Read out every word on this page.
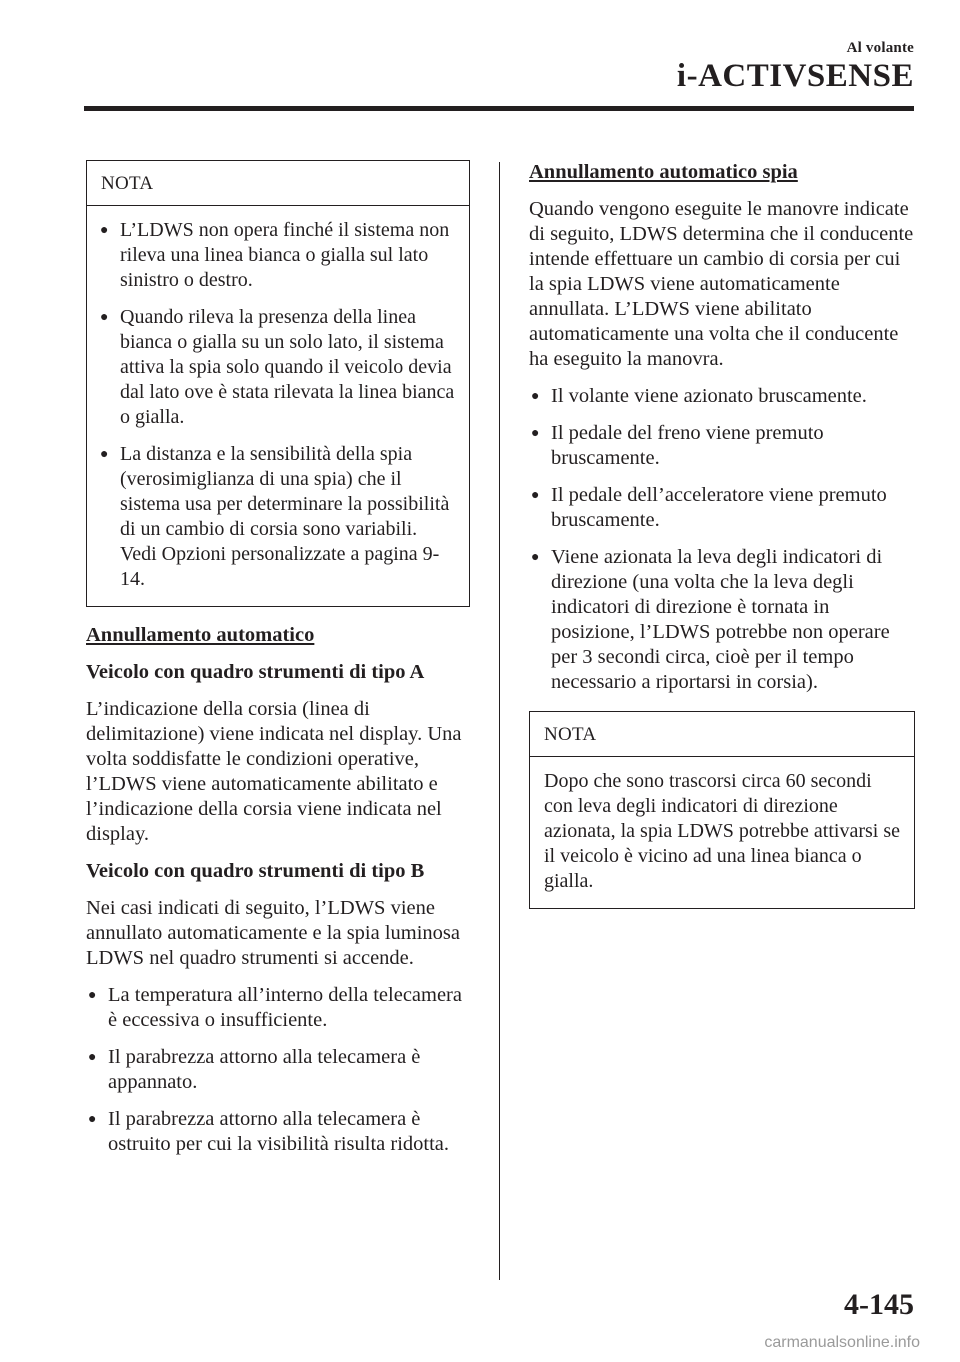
Al volante
i-ACTIVSENSE
NOTA
● L’LDWS non opera finché il sistema non rileva una linea bianca o gialla sul lato sinistro o destro.
● Quando rileva la presenza della linea bianca o gialla su un solo lato, il sistema attiva la spia solo quando il veicolo devia dal lato ove è stata rilevata la linea bianca o gialla.
● La distanza e la sensibilità della spia (verosimiglianza di una spia) che il sistema usa per determinare la possibilità di un cambio di corsia sono variabili.
Vedi Opzioni personalizzate a pagina 9-14.
Annullamento automatico
Veicolo con quadro strumenti di tipo A
L’indicazione della corsia (linea di delimitazione) viene indicata nel display. Una volta soddisfatte le condizioni operative, l’LDWS viene automaticamente abilitato e l’indicazione della corsia viene indicata nel display.
Veicolo con quadro strumenti di tipo B
Nei casi indicati di seguito, l’LDWS viene annullato automaticamente e la spia luminosa LDWS nel quadro strumenti si accende.
● La temperatura all’interno della telecamera è eccessiva o insufficiente.
● Il parabrezza attorno alla telecamera è appannato.
● Il parabrezza attorno alla telecamera è ostruito per cui la visibilità risulta ridotta.
Annullamento automatico spia
Quando vengono eseguite le manovre indicate di seguito, LDWS determina che il conducente intende effettuare un cambio di corsia per cui la spia LDWS viene automaticamente annullata. L’LDWS viene abilitato automaticamente una volta che il conducente ha eseguito la manovra.
● Il volante viene azionato bruscamente.
● Il pedale del freno viene premuto bruscamente.
● Il pedale dell’acceleratore viene premuto bruscamente.
● Viene azionata la leva degli indicatori di direzione (una volta che la leva degli indicatori di direzione è tornata in posizione, l’LDWS potrebbe non operare per 3 secondi circa, cioè per il tempo necessario a riportarsi in corsia).
NOTA
Dopo che sono trascorsi circa 60 secondi con leva degli indicatori di direzione azionata, la spia LDWS potrebbe attivarsi se il veicolo è vicino ad una linea bianca o gialla.
4-145
carmanualsonline.info
